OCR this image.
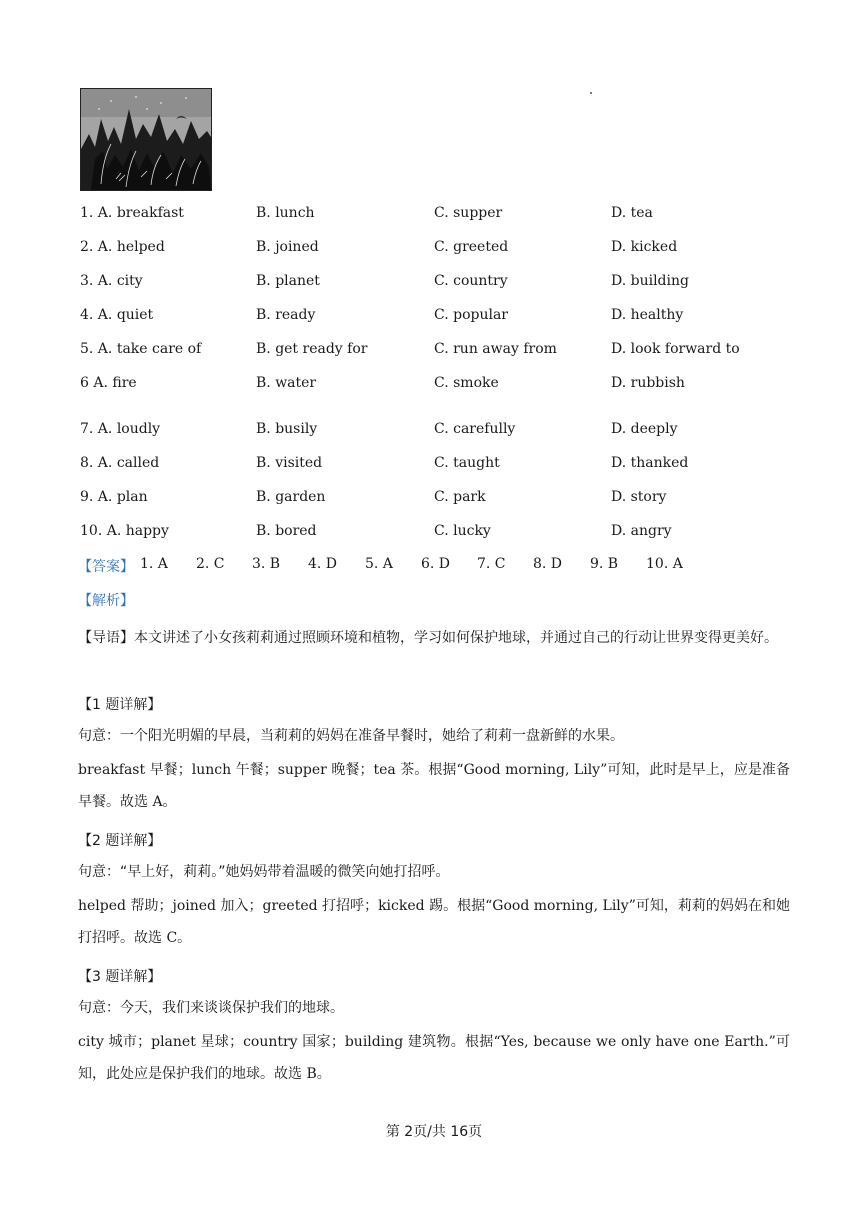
1. A. breakfast	B. lunch	C. supper	D. tea
2. A. helped	B. joined	C. greeted	D. kicked
3. A. city	B. planet	C. country	D. building
4. A. quiet	B. ready	C. popular	D. healthy
5. A. take care of	B. get ready for	C. run away from	D. look forward to
6 A. fire	B. water	C. smoke	D. rubbish
7. A. loudly	B. busily	C. carefully	D. deeply
8. A. called	B. visited	C. taught	D. thanked
9. A. plan	B. garden	C. park	D. story
10. A. happy	B. bored	C. lucky	D. angry
【答案】 1. A 2. C 3. B 4. D 5. A 6. D 7. C 8. D 9. B 10. A
【解析】
【导语】本文讲述了小女孩莉莉通过照顾环境和植物，学习如何保护地球，并通过自己的行动让世界变得更美好。
【1 题详解】
句意：一个阳光明媚的早晨，当莉莉的妈妈在准备早餐时，她给了莉莉一盘新鲜的水果。
breakfast 早餐；lunch 午餐；supper 晚餐；tea 茶。根据“Good morning, Lily”可知，此时是早上，应是准备早餐。故选 A。
【2 题详解】
句意：“早上好，莉莉。”她妈妈带着温暖的微笑向她打招呼。
helped 帮助；joined 加入；greeted 打招呼；kicked 踢。根据“Good morning, Lily”可知，莉莉的妈妈在和她打招呼。故选 C。
【3 题详解】
句意：今天，我们来谈谈保护我们的地球。
city 城市；planet 星球；country 国家；building 建筑物。根据“Yes, because we only have one Earth.”可知，此处应是保护我们的地球。故选 B。
第 2页/共 16页
